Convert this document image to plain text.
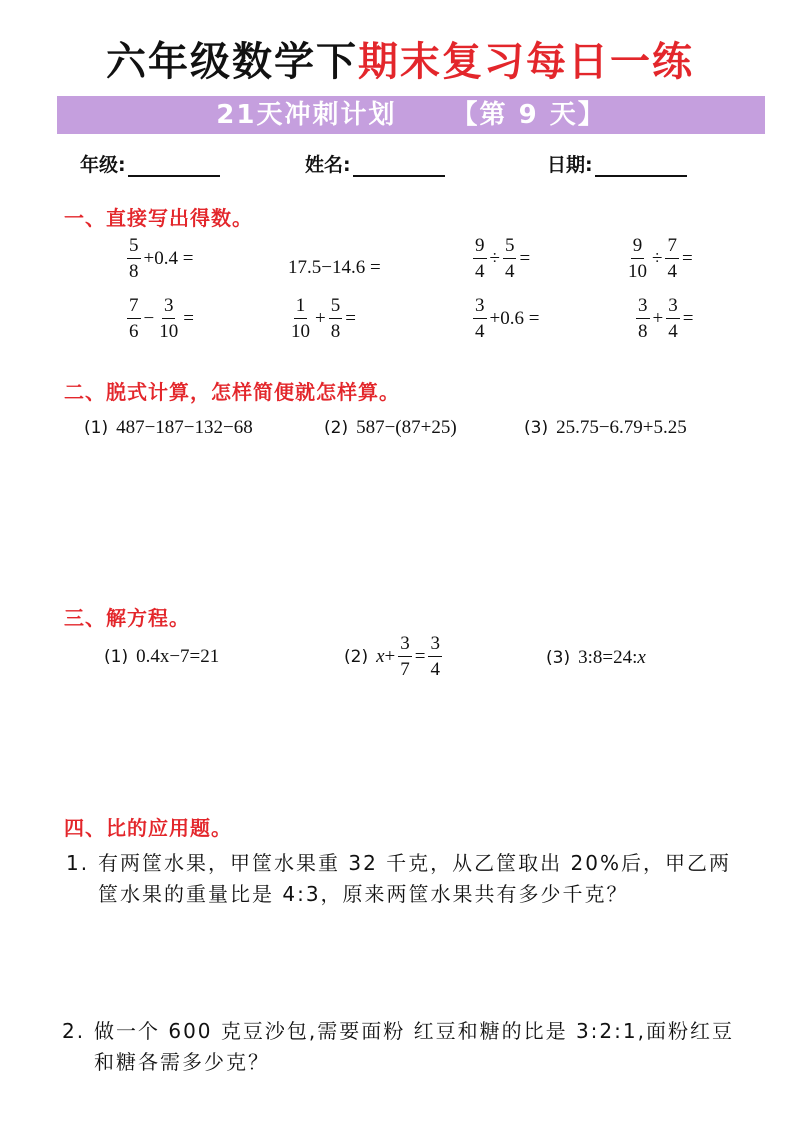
六年级数学下期末复习每日一练
21天冲刺计划 【第 9 天】
年级:	姓名:	日期:
一、直接写出得数。
$\frac{5}{8} +0.4$ =	17.5−14.6 =	$\frac{9}{4} \div \frac{5}{4}$ =	$\frac{9}{10} \div \frac{7}{4}$ =
$\frac{7}{6} - \frac{3}{10}$ =	$\frac{1}{10} + \frac{5}{8}$ =	$\frac{3}{4} +0.6$ =	$\frac{3}{8} + \frac{3}{4}$ =
二、脱式计算，怎样简便就怎样算。
(1) 487−187−132−68	(2) 587−(87+25)	(3) 25.75−6.79+5.25
三、解方程。
(1) 0.4x−7=21	(2) $x + \frac{3}{7} = \frac{3}{4}$	(3) 3:8=24: x
四、比的应用题。
1. 有两筐水果，甲筐水果重 32 千克，从乙筐取出 20%后，甲乙两筐水果的重量比是 4:3，原来两筐水果共有多少千克？
2. 做一个 600 克豆沙包,需要面粉 红豆和糖的比是 3:2:1,面粉红豆和糖各需多少克？
